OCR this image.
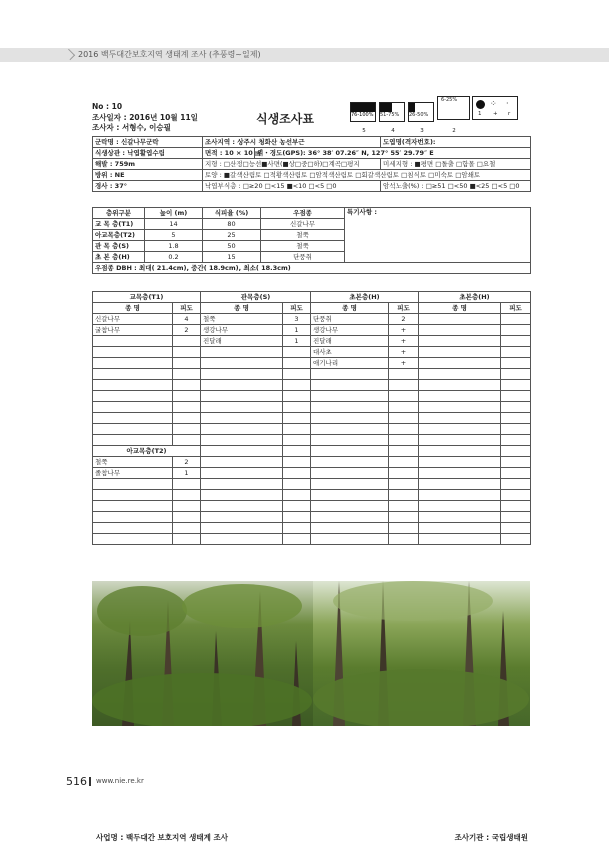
2016 백두대간보호지역 생태계 조사 (추풍령~일제)
No : 10
조사일자 : 2016년 10월 11일
조사자 : 서형수, 이승필
식생조사표	76-100%	51-75%	26-50%
6-25%	⁘ ·
1 + r
5	4	3	2
군락명 : 신갈나무군락	조사지역 : 상주시 청화산 농선부근		도엽명(격자번호):
식생상관 : 낙엽활엽수림	면적 : 10 × 10 ㎡	위・경도(GPS): 36° 38′ 07.26″ N, 127° 55′ 29.79″ E	
해발 : 759m	지형 : □산정□능선■사면(■상□중□하)□계곡□평지		미세지형 : ■평면 □돌출 □함몰 □요철
방위 : NE	토양 : ■갈색산림토 □적황색산림토 □암적색산림토 □회갈색산림토 □침식토 □미숙토 □암쇄토		
경사 : 37°	낙엽부식층 : □≥20 □<15 ■<10 □<5 □0		암석노출(%) : □≥51 □<50 ■<25 □<5 □0
층위구분	높이 (m)	식피율 (%)	우점종	특기사항 :
교 목 층(T1)	14	80	신갈나무	
아교목층(T2)	5	25	철쭉	
관 목 층(S)	1.8	50	철쭉	
초 본 층(H)	0.2	15	단풍취	
우점종 DBH : 최대( 21.4cm), 중간( 18.9cm), 최소( 18.3cm)				
교목층(T1)		관목층(S)		초본층(H)		초본층(H)	
종 명	피도	종 명	피도	종 명	피도	종 명	피도
신갈나무	4	철쭉	3	단풍취	2		
굴참나무	2	생강나무	1	생강나무	+		
		진달래	1	진달래	+		
				대사초	+		
				애기나리	+		

아교목층(T2)							
철쭉	2						
졸참나무	1						

사업명 : 백두대간 보호지역 생태계 조사	조사기관 : 국립생태원
516 www.nie.re.kr
